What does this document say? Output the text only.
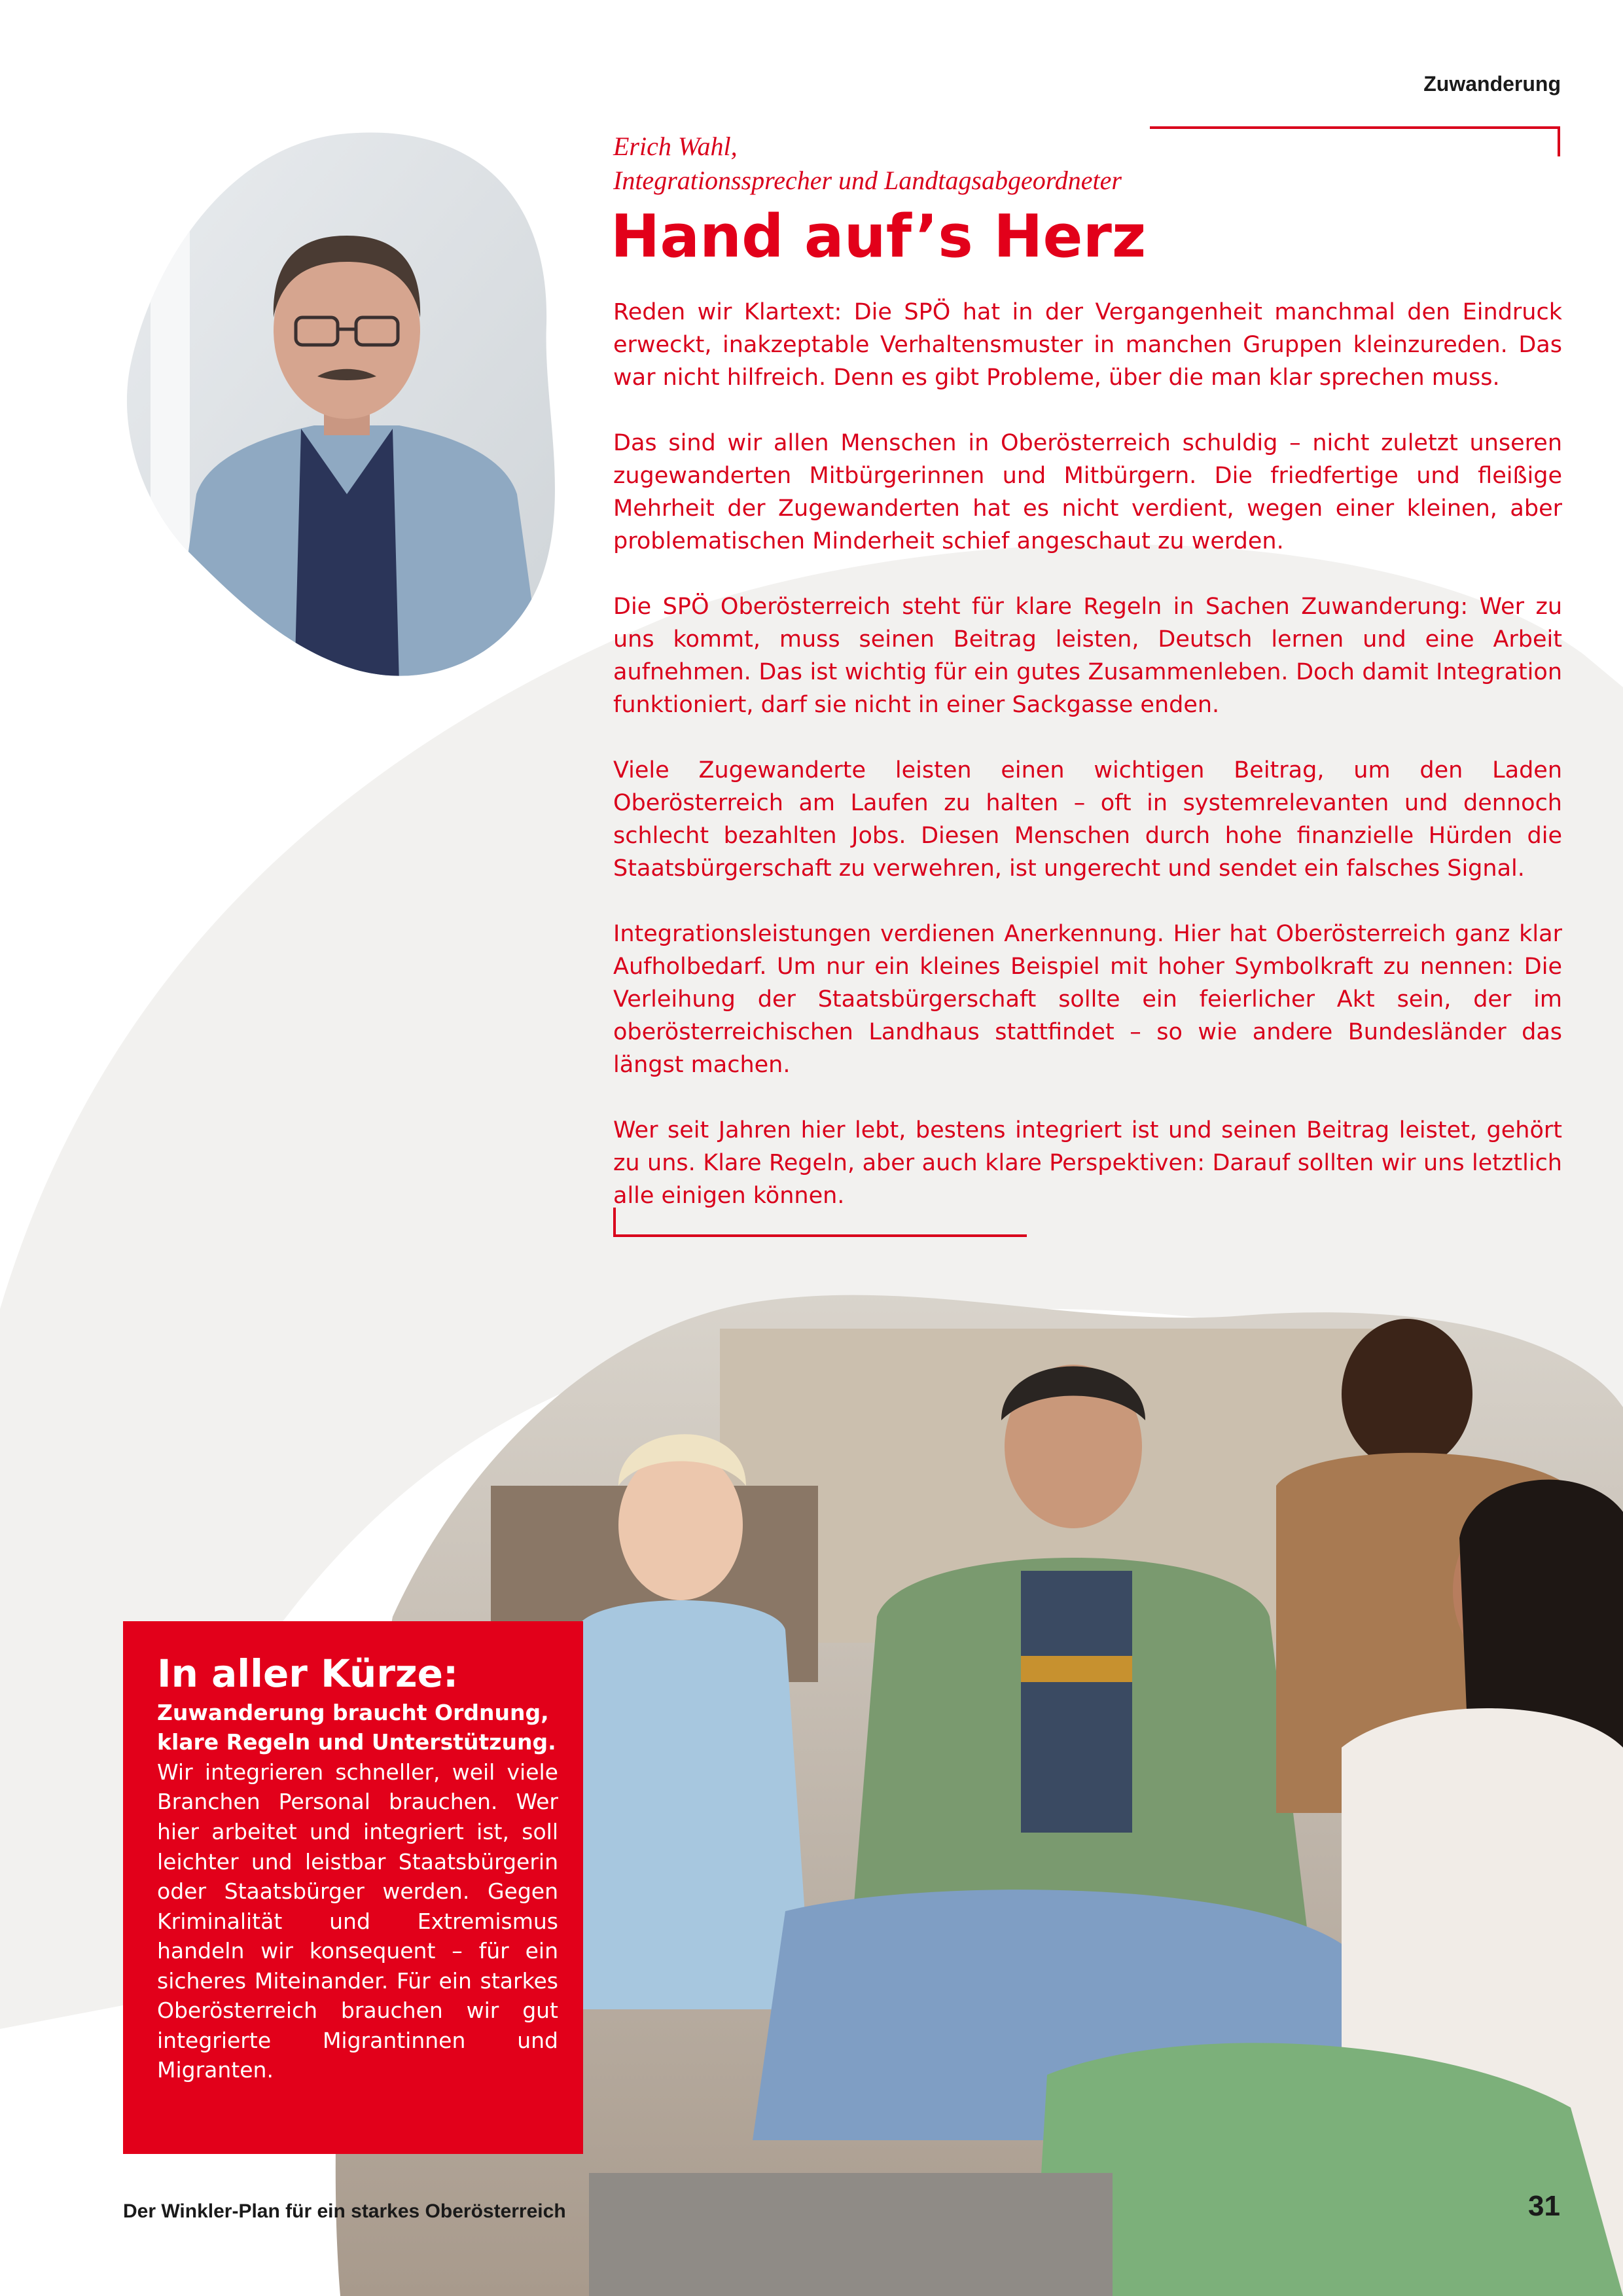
Zuwanderung
Erich Wahl,
Integrationssprecher und Landtagsabgeordneter
Hand auf’s Herz

Reden wir Klartext: Die SPÖ hat in der Vergangenheit manchmal den Eindruck erweckt, inakzeptable Verhaltensmuster in manchen Gruppen kleinzureden. Das war nicht hilfreich. Denn es gibt Probleme, über die man klar sprechen muss.

Das sind wir allen Menschen in Oberösterreich schuldig – nicht zuletzt unseren zugewanderten Mitbürgerinnen und Mitbürgern. Die friedfertige und fleißige Mehrheit der Zugewanderten hat es nicht verdient, wegen einer kleinen, aber problematischen Minderheit schief angeschaut zu werden.

Die SPÖ Oberösterreich steht für klare Regeln in Sachen Zuwanderung: Wer zu uns kommt, muss seinen Beitrag leisten, Deutsch lernen und eine Arbeit aufnehmen. Das ist wichtig für ein gutes Zusammenleben. Doch damit Integration funktioniert, darf sie nicht in einer Sackgasse enden.

Viele Zugewanderte leisten einen wichtigen Beitrag, um den Laden Oberösterreich am Laufen zu halten – oft in systemrelevanten und dennoch schlecht bezahlten Jobs. Diesen Menschen durch hohe finanzielle Hürden die Staatsbürgerschaft zu verwehren, ist ungerecht und sendet ein falsches Signal.

Integrationsleistungen verdienen Anerkennung. Hier hat Oberösterreich ganz klar Aufholbedarf. Um nur ein kleines Beispiel mit hoher Symbolkraft zu nennen: Die Verleihung der Staatsbürgerschaft sollte ein feierlicher Akt sein, der im oberösterreichischen Landhaus stattfindet – so wie andere Bundesländer das längst machen.

Wer seit Jahren hier lebt, bestens integriert ist und seinen Beitrag leistet, gehört zu uns. Klare Regeln, aber auch klare Perspektiven: Darauf sollten wir uns letztlich alle einigen können.

In aller Kürze:
Zuwanderung braucht Ordnung, klare Regeln und Unterstützung.
Wir integrieren schneller, weil viele Branchen Personal brauchen. Wer hier arbeitet und integriert ist, soll leichter und leistbar Staatsbürgerin oder Staatsbürger werden. Gegen Kriminalität und Extremismus handeln wir konsequent – für ein sicheres Miteinander. Für ein starkes Oberösterreich brauchen wir gut integrierte Migrantinnen und Migranten.
Der Winkler-Plan für ein starkes Oberösterreich	31
